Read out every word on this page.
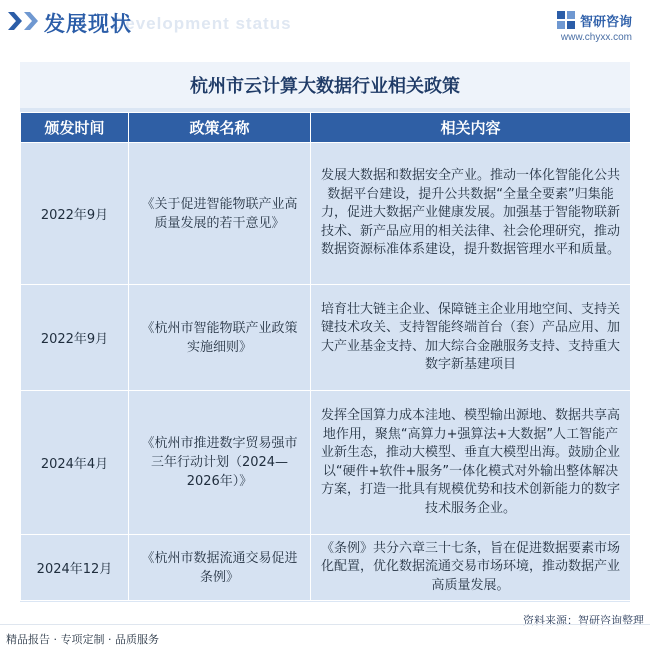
Development status
发展现状	智研咨询
www.chyxx.com
杭州市云计算大数据行业相关政策
颁发时间	政策名称	相关内容
2022年9月	《关于促进智能物联产业高质量发展的若干意见》	发展大数据和数据安全产业。推动一体化智能化公共数据平台建设，提升公共数据“全量全要素”归集能力，促进大数据产业健康发展。加强基于智能物联新技术、新产品应用的相关法律、社会伦理研究，推动数据资源标准体系建设，提升数据管理水平和质量。
2022年9月	《杭州市智能物联产业政策实施细则》	培育壮大链主企业、保障链主企业用地空间、支持关键技术攻关、支持智能终端首台（套）产品应用、加大产业基金支持、加大综合金融服务支持、支持重大数字新基建项目
2024年4月	《杭州市推进数字贸易强市三年行动计划（2024—2026年）》	发挥全国算力成本洼地、模型输出源地、数据共享高地作用，聚焦“高算力+强算法+大数据”人工智能产业新生态，推动大模型、垂直大模型出海。鼓励企业以“硬件+软件+服务”一体化模式对外输出整体解决方案，打造一批具有规模优势和技术创新能力的数字技术服务企业。
2024年12月	《杭州市数据流通交易促进条例》	《条例》共分六章三十七条，旨在促进数据要素市场化配置，优化数据流通交易市场环境，推动数据产业高质量发展。
资料来源：智研咨询整理
精品报告 · 专项定制 · 品质服务
